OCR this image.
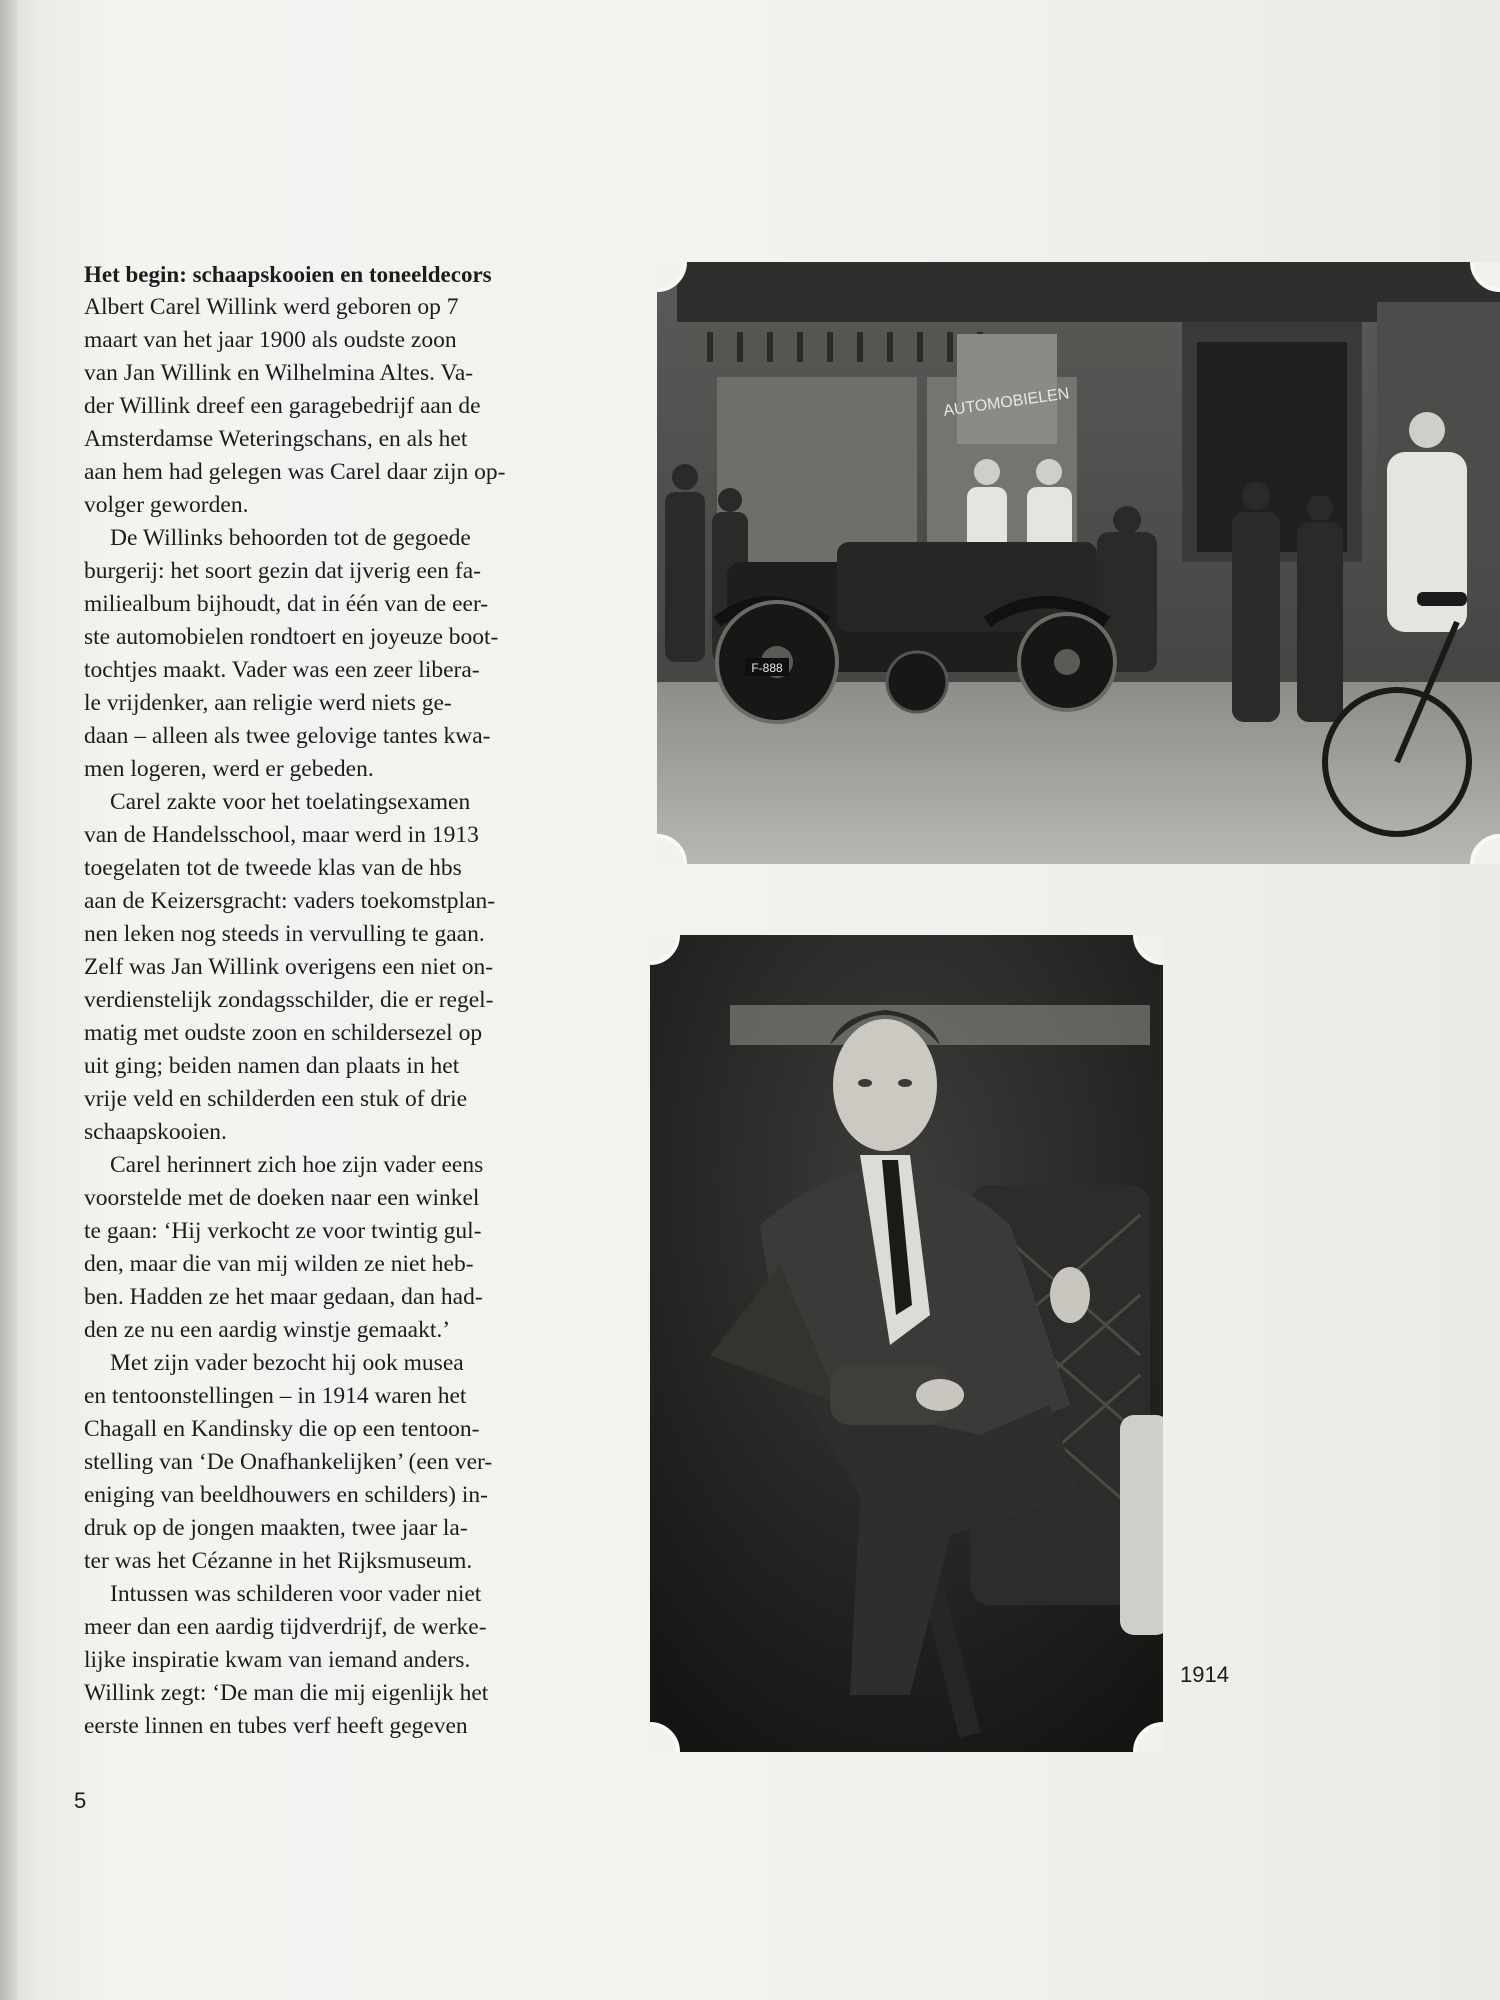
Het begin: schaapskooien en toneeldecors
Albert Carel Willink werd geboren op 7
maart van het jaar 1900 als oudste zoon
van Jan Willink en Wilhelmina Altes. Va-
der Willink dreef een garagebedrijf aan de
Amsterdamse Weteringschans, en als het
aan hem had gelegen was Carel daar zijn op-
volger geworden.
De Willinks behoorden tot de gegoede
burgerij: het soort gezin dat ijverig een fa-
miliealbum bijhoudt, dat in één van de eer-
ste automobielen rondtoert en joyeuze boot-
tochtjes maakt. Vader was een zeer libera-
le vrijdenker, aan religie werd niets ge-
daan – alleen als twee gelovige tantes kwa-
men logeren, werd er gebeden.
Carel zakte voor het toelatingsexamen
van de Handelsschool, maar werd in 1913
toegelaten tot de tweede klas van de hbs
aan de Keizersgracht: vaders toekomstplan-
nen leken nog steeds in vervulling te gaan.
Zelf was Jan Willink overigens een niet on-
verdienstelijk zondagsschilder, die er regel-
matig met oudste zoon en schildersezel op
uit ging; beiden namen dan plaats in het
vrije veld en schilderden een stuk of drie
schaapskooien.
Carel herinnert zich hoe zijn vader eens
voorstelde met de doeken naar een winkel
te gaan: ‘Hij verkocht ze voor twintig gul-
den, maar die van mij wilden ze niet heb-
ben. Hadden ze het maar gedaan, dan had-
den ze nu een aardig winstje gemaakt.’
Met zijn vader bezocht hij ook musea
en tentoonstellingen – in 1914 waren het
Chagall en Kandinsky die op een tentoon-
stelling van ‘De Onafhankelijken’ (een ver-
eniging van beeldhouwers en schilders) in-
druk op de jongen maakten, twee jaar la-
ter was het Cézanne in het Rijksmuseum.
Intussen was schilderen voor vader niet
meer dan een aardig tijdverdrijf, de werke-
lijke inspiratie kwam van iemand anders.
Willink zegt: ‘De man die mij eigenlijk het
eerste linnen en tubes verf heeft gegeven
AUTOMOBIELEN
F-888
1914
5
